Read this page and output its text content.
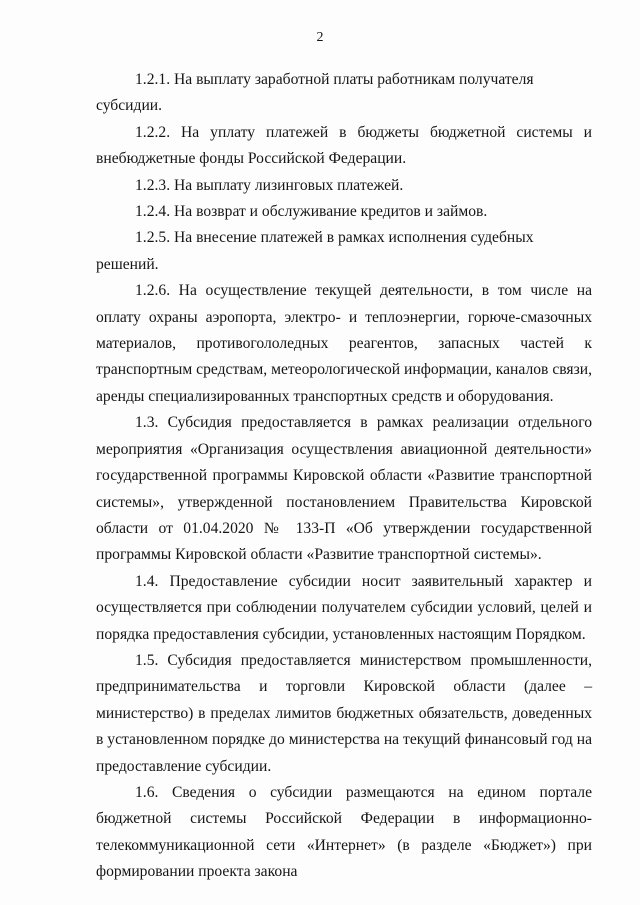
2

1.2.1. На выплату заработной платы работникам получателя субсидии.

1.2.2. На уплату платежей в бюджеты бюджетной системы и внебюджетные фонды Российской Федерации.

1.2.3. На выплату лизинговых платежей.

1.2.4. На возврат и обслуживание кредитов и займов.

1.2.5. На внесение платежей в рамках исполнения судебных решений.

1.2.6. На осуществление текущей деятельности, в том числе на оплату охраны аэропорта, электро- и теплоэнергии, горюче-смазочных материалов, противогололедных реагентов, запасных частей к транспортным средствам, метеорологической информации, каналов связи, аренды специализированных транспортных средств и оборудования.

1.3. Субсидия предоставляется в рамках реализации отдельного мероприятия «Организация осуществления авиационной деятельности» государственной программы Кировской области «Развитие транспортной системы», утвержденной постановлением Правительства Кировской области от 01.04.2020 № 133-П «Об утверждении государственной программы Кировской области «Развитие транспортной системы».

1.4. Предоставление субсидии носит заявительный характер и осуществляется при соблюдении получателем субсидии условий, целей и порядка предоставления субсидии, установленных настоящим Порядком.

1.5. Субсидия предоставляется министерством промышленности, предпринимательства и торговли Кировской области (далее – министерство) в пределах лимитов бюджетных обязательств, доведенных в установленном порядке до министерства на текущий финансовый год на предоставление субсидии.

1.6. Сведения о субсидии размещаются на едином портале бюджетной системы Российской Федерации в информационно-телекоммуникационной сети «Интернет» (в разделе «Бюджет») при формировании проекта закона
